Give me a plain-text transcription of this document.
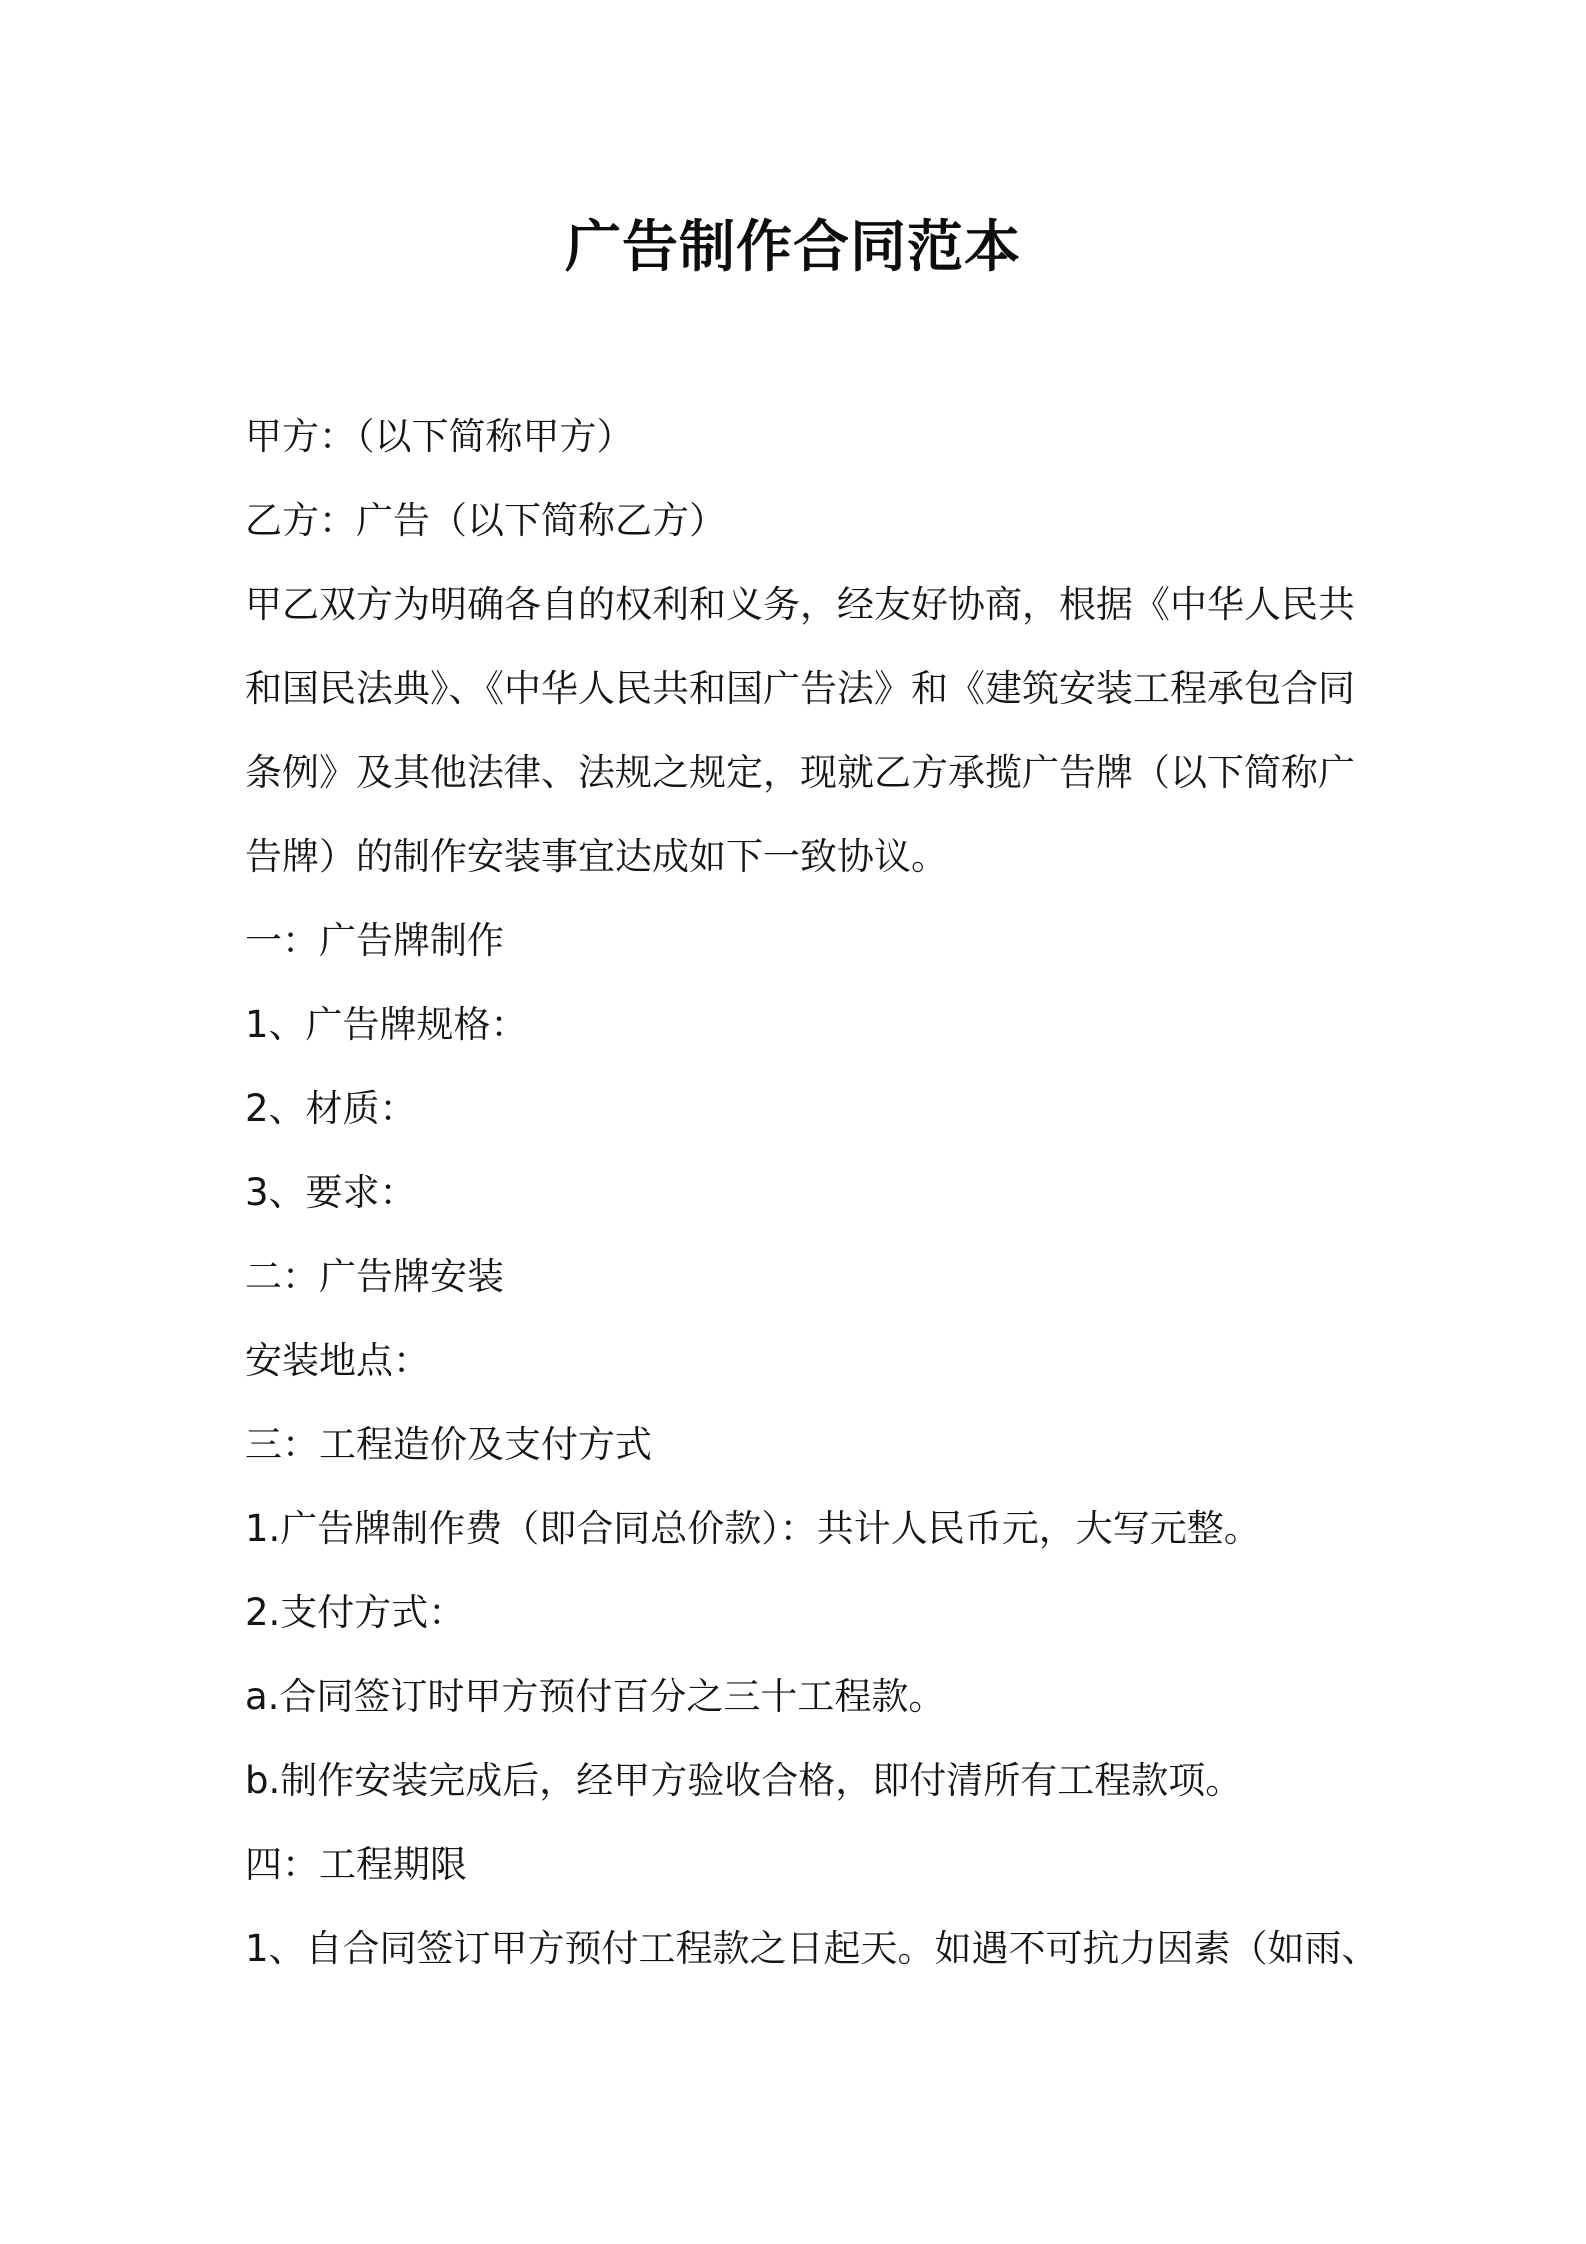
广告制作合同范本
甲方：（以下简称甲方）
乙方：广告（以下简称乙方）
甲乙双方为明确各自的权利和义务，经友好协商，根据《中华人民共
和国民法典》、《中华人民共和国广告法》和《建筑安装工程承包合同
条例》及其他法律、法规之规定，现就乙方承揽广告牌（以下简称广
告牌）的制作安装事宜达成如下一致协议。
一：广告牌制作
1、广告牌规格：
2、材质：
3、要求：
二：广告牌安装
安装地点：
三：工程造价及支付方式
1.广告牌制作费（即合同总价款）：共计人民币元，大写元整。
2.支付方式：
a.合同签订时甲方预付百分之三十工程款。
b.制作安装完成后，经甲方验收合格，即付清所有工程款项。
四：工程期限
1、自合同签订甲方预付工程款之日起天。如遇不可抗力因素（如雨、
